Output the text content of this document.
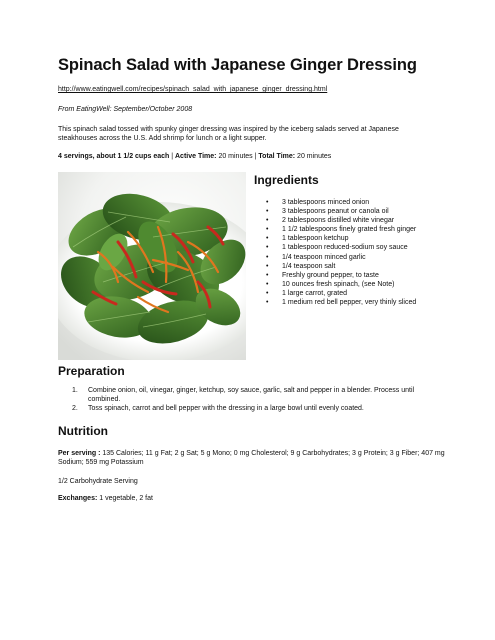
Spinach Salad with Japanese Ginger Dressing
http://www.eatingwell.com/recipes/spinach_salad_with_japanese_ginger_dressing.html
From EatingWell: September/October 2008

This spinach salad tossed with spunky ginger dressing was inspired by the iceberg salads served at Japanese steakhouses across the U.S. Add shrimp for lunch or a light supper.

4 servings, about 1 1/2 cups each | Active Time: 20 minutes | Total Time: 20 minutes
Ingredients
• 3 tablespoons minced onion
• 3 tablespoons peanut or canola oil
• 2 tablespoons distilled white vinegar
• 1 1/2 tablespoons finely grated fresh ginger
• 1 tablespoon ketchup
• 1 tablespoon reduced-sodium soy sauce
• 1/4 teaspoon minced garlic
• 1/4 teaspoon salt
• Freshly ground pepper, to taste
• 10 ounces fresh spinach, (see Note)
• 1 large carrot, grated
• 1 medium red bell pepper, very thinly sliced
Preparation
1. Combine onion, oil, vinegar, ginger, ketchup, soy sauce, garlic, salt and pepper in a blender. Process until combined.
2. Toss spinach, carrot and bell pepper with the dressing in a large bowl until evenly coated.
Nutrition

Per serving : 135 Calories; 11 g Fat; 2 g Sat; 5 g Mono; 0 mg Cholesterol; 9 g Carbohydrates; 3 g Protein; 3 g Fiber; 407 mg Sodium; 559 mg Potassium

1/2 Carbohydrate Serving
Exchanges: 1 vegetable, 2 fat
